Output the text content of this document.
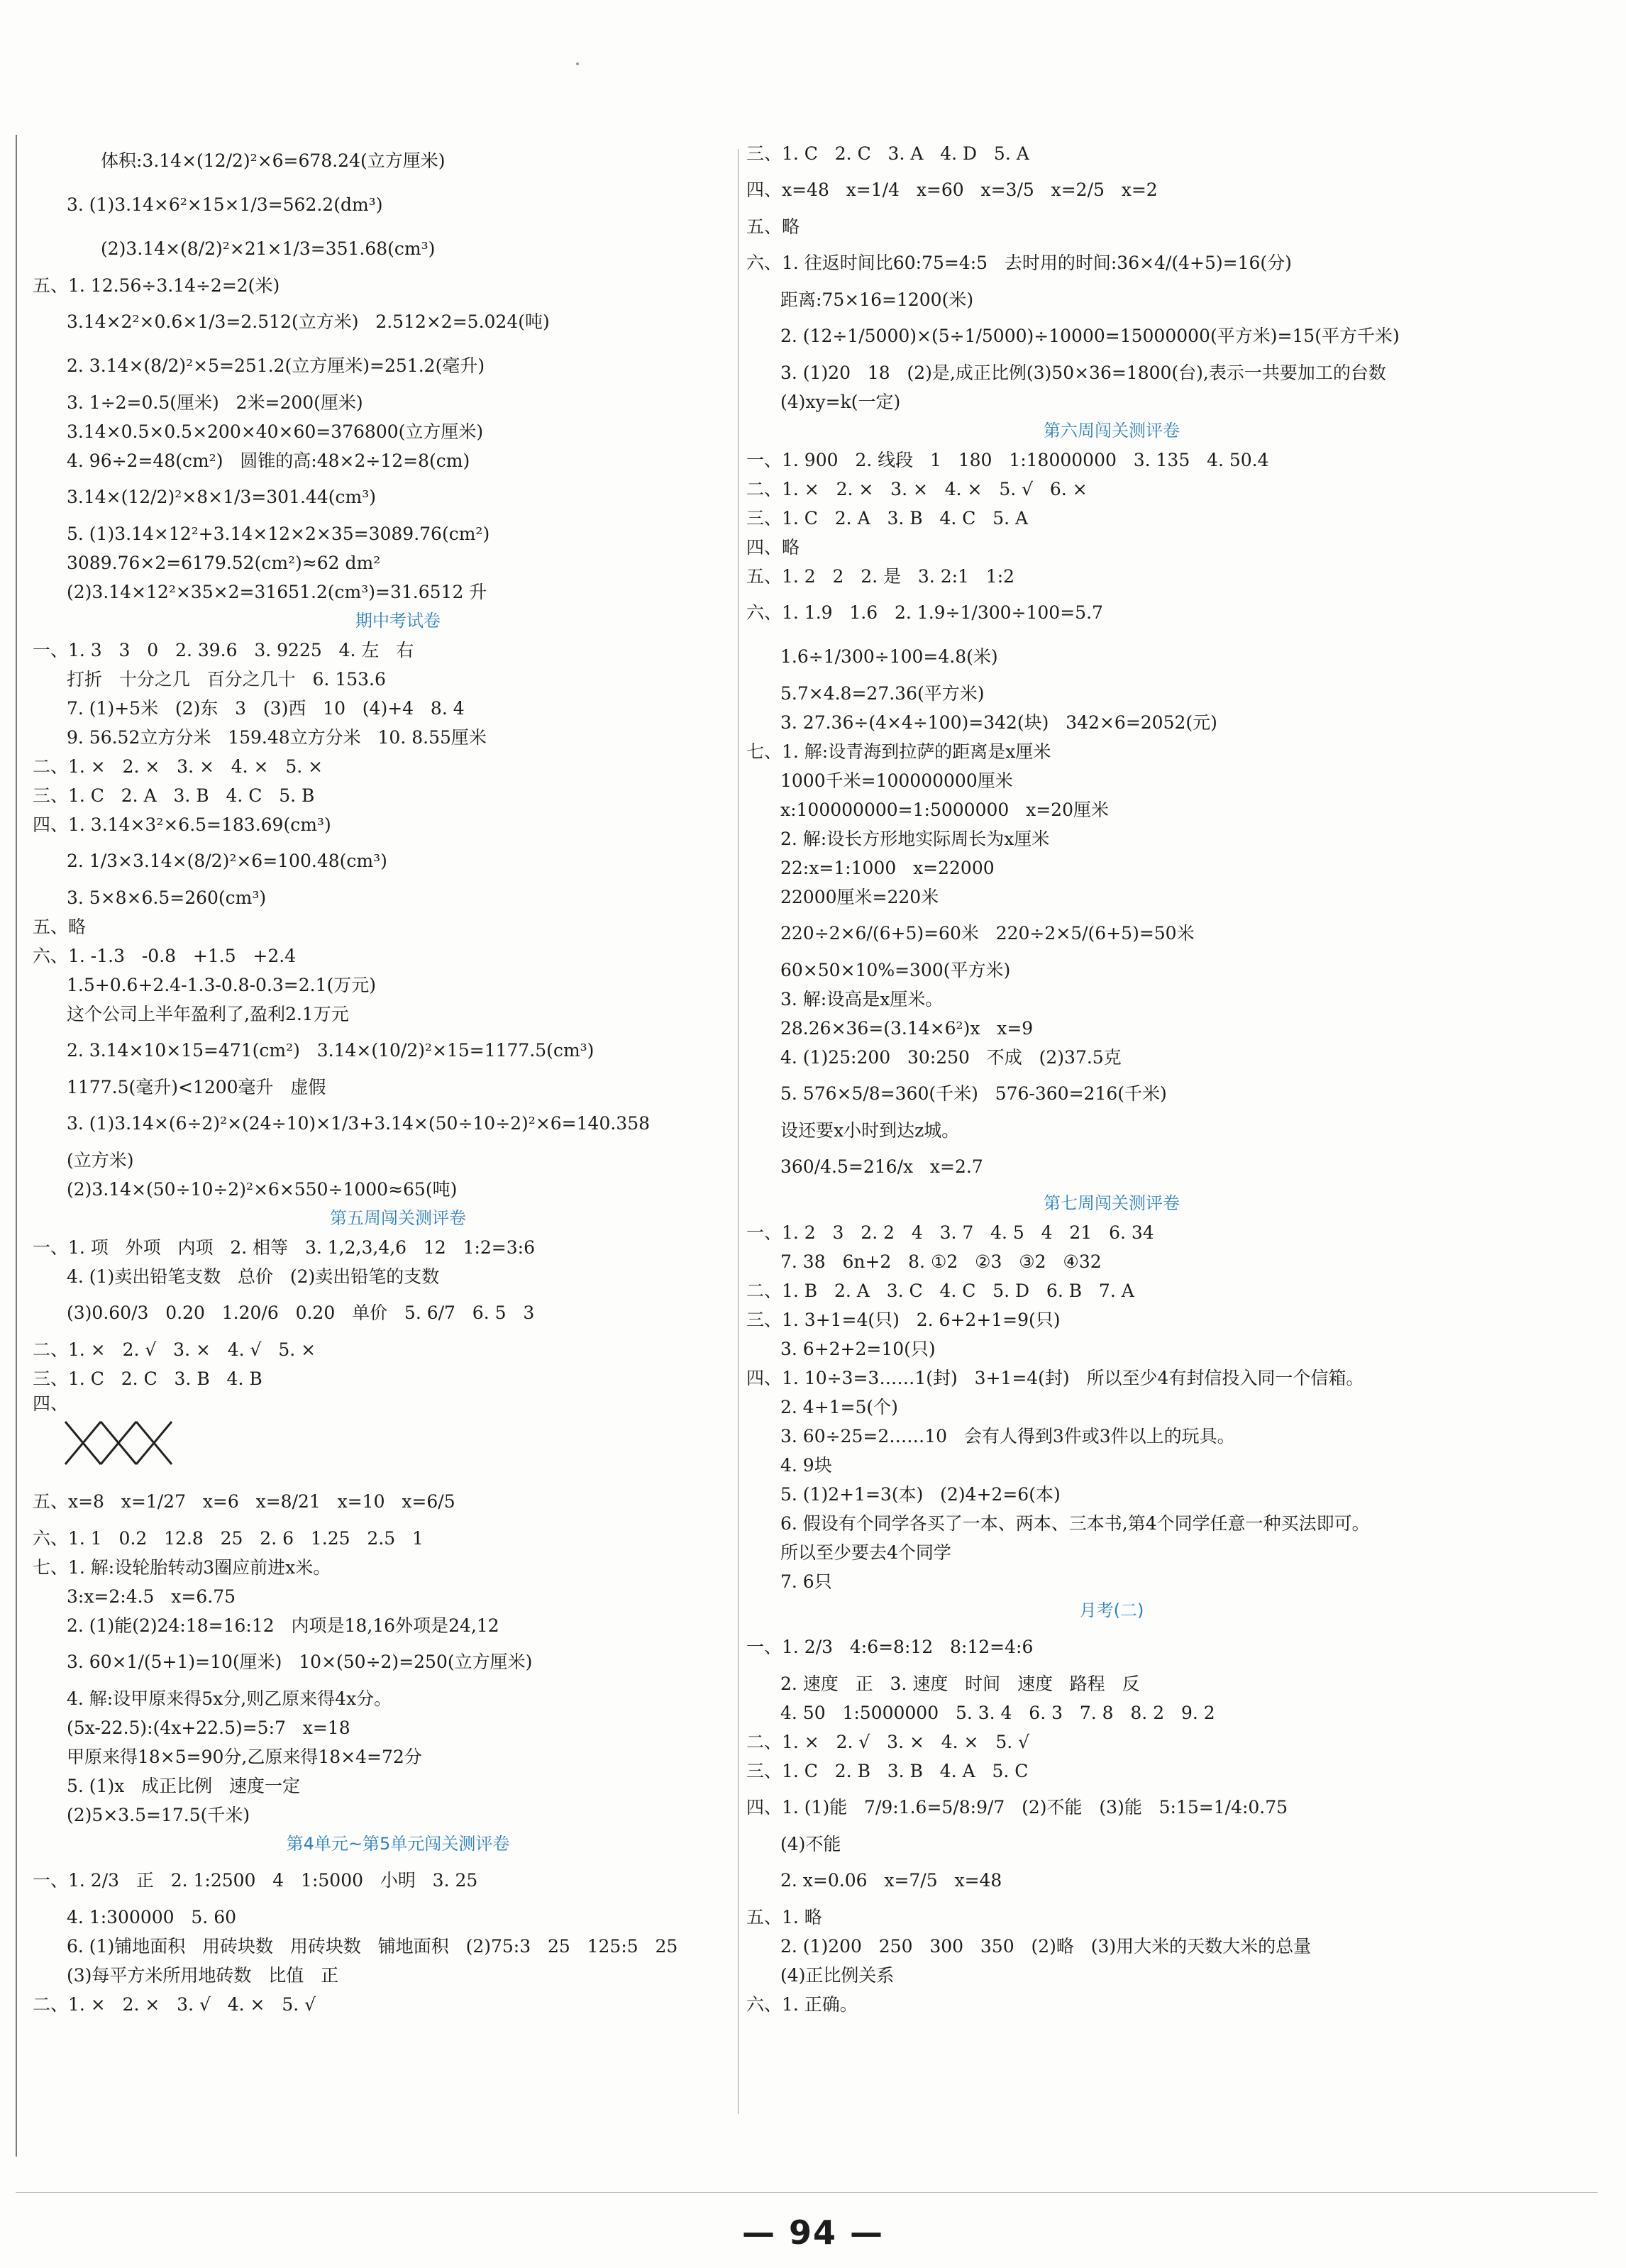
体积:3.14×(12/2)²×6=678.24(立方厘米)
3. (1)3.14×6²×15×1/3=562.2(dm³)
(2)3.14×(8/2)²×21×1/3=351.68(cm³)
五、1. 12.56÷3.14÷2=2(米)
3.14×2²×0.6×1/3=2.512(立方米)   2.512×2=5.024(吨)
2. 3.14×(8/2)²×5=251.2(立方厘米)=251.2(毫升)
3. 1÷2=0.5(厘米)   2米=200(厘米)
3.14×0.5×0.5×200×40×60=376800(立方厘米)
4. 96÷2=48(cm²)   圆锥的高:48×2÷12=8(cm)
3.14×(12/2)²×8×1/3=301.44(cm³)
5. (1)3.14×12²+3.14×12×2×35=3089.76(cm²)
3089.76×2=6179.52(cm²)≈62 dm²
(2)3.14×12²×35×2=31651.2(cm³)=31.6512 升
期中考试卷
一、1. 3   3   0   2. 39.6   3. 9225   4. 左   右
打折   十分之几   百分之几十   6. 153.6
7. (1)+5米   (2)东   3   (3)西   10   (4)+4   8. 4
9. 56.52立方分米   159.48立方分米   10. 8.55厘米
二、1. ×   2. ×   3. ×   4. ×   5. ×
三、1. C   2. A   3. B   4. C   5. B
四、1. 3.14×3²×6.5=183.69(cm³)
2. 1/3×3.14×(8/2)²×6=100.48(cm³)
3. 5×8×6.5=260(cm³)
五、略
六、1. -1.3   -0.8   +1.5   +2.4
1.5+0.6+2.4-1.3-0.8-0.3=2.1(万元)
这个公司上半年盈利了,盈利2.1万元
2. 3.14×10×15=471(cm²)   3.14×(10/2)²×15=1177.5(cm³)
1177.5(毫升)<1200毫升   虚假
3. (1)3.14×(6÷2)²×(24÷10)×1/3+3.14×(50÷10÷2)²×6=140.358
(立方米)
(2)3.14×(50÷10÷2)²×6×550÷1000≈65(吨)
第五周闯关测评卷
一、1. 项   外项   内项   2. 相等   3. 1,2,3,4,6   12   1:2=3:6
4. (1)卖出铅笔支数   总价   (2)卖出铅笔的支数
(3)0.60/3   0.20   1.20/6   0.20   单价   5. 6/7   6. 5   3
二、1. ×   2. √   3. ×   4. √   5. ×
三、1. C   2. C   3. B   4. B
四、
五、x=8   x=1/27   x=6   x=8/21   x=10   x=6/5
六、1. 1   0.2   12.8   25   2. 6   1.25   2.5   1
七、1. 解:设轮胎转动3圈应前进x米。
3:x=2:4.5   x=6.75
2. (1)能(2)24:18=16:12   内项是18,16外项是24,12
3. 60×1/(5+1)=10(厘米)   10×(50÷2)=250(立方厘米)
4. 解:设甲原来得5x分,则乙原来得4x分。
(5x-22.5):(4x+22.5)=5:7   x=18
甲原来得18×5=90分,乙原来得18×4=72分
5. (1)x   成正比例   速度一定
(2)5×3.5=17.5(千米)
第4单元~第5单元闯关测评卷
一、1. 2/3   正   2. 1:2500   4   1:5000   小明   3. 25
4. 1:300000   5. 60
6. (1)铺地面积   用砖块数   用砖块数   铺地面积   (2)75:3   25   125:5   25
(3)每平方米所用地砖数   比值   正
二、1. ×   2. ×   3. √   4. ×   5. √
三、1. C   2. C   3. A   4. D   5. A
四、x=48   x=1/4   x=60   x=3/5   x=2/5   x=2
五、略
六、1. 往返时间比60:75=4:5   去时用的时间:36×4/(4+5)=16(分)
距离:75×16=1200(米)
2. (12÷1/5000)×(5÷1/5000)÷10000=15000000(平方米)=15(平方千米)
3. (1)20   18   (2)是,成正比例(3)50×36=1800(台),表示一共要加工的台数
(4)xy=k(一定)
第六周闯关测评卷
一、1. 900   2. 线段   1   180   1:18000000   3. 135   4. 50.4
二、1. ×   2. ×   3. ×   4. ×   5. √   6. ×
三、1. C   2. A   3. B   4. C   5. A
四、略
五、1. 2   2   2. 是   3. 2:1   1:2
六、1. 1.9   1.6   2. 1.9÷1/300÷100=5.7
1.6÷1/300÷100=4.8(米)
5.7×4.8=27.36(平方米)
3. 27.36÷(4×4÷100)=342(块)   342×6=2052(元)
七、1. 解:设青海到拉萨的距离是x厘米
1000千米=100000000厘米
x:100000000=1:5000000   x=20厘米
2. 解:设长方形地实际周长为x厘米
22:x=1:1000   x=22000
22000厘米=220米
220÷2×6/(6+5)=60米   220÷2×5/(6+5)=50米
60×50×10%=300(平方米)
3. 解:设高是x厘米。
28.26×36=(3.14×6²)x   x=9
4. (1)25:200   30:250   不成   (2)37.5克
5. 576×5/8=360(千米)   576-360=216(千米)
设还要x小时到达z城。
360/4.5=216/x   x=2.7
第七周闯关测评卷
一、1. 2   3   2. 2   4   3. 7   4. 5   4   21   6. 34
7. 38   6n+2   8. ①2   ②3   ③2   ④32
二、1. B   2. A   3. C   4. C   5. D   6. B   7. A
三、1. 3+1=4(只)   2. 6+2+1=9(只)
3. 6+2+2=10(只)
四、1. 10÷3=3……1(封)   3+1=4(封)   所以至少4有封信投入同一个信箱。
2. 4+1=5(个)
3. 60÷25=2……10   会有人得到3件或3件以上的玩具。
4. 9块
5. (1)2+1=3(本)   (2)4+2=6(本)
6. 假设有个同学各买了一本、两本、三本书,第4个同学任意一种买法即可。
所以至少要去4个同学
7. 6只
月考(二)
一、1. 2/3   4:6=8:12   8:12=4:6
2. 速度   正   3. 速度   时间   速度   路程   反
4. 50   1:5000000   5. 3. 4   6. 3   7. 8   8. 2   9. 2
二、1. ×   2. √   3. ×   4. ×   5. √
三、1. C   2. B   3. B   4. A   5. C
四、1. (1)能   7/9:1.6=5/8:9/7   (2)不能   (3)能   5:15=1/4:0.75
(4)不能
2. x=0.06   x=7/5   x=48
五、1. 略
2. (1)200   250   300   350   (2)略   (3)用大米的天数大米的总量
(4)正比例关系
六、1. 正确。
— 94 —
